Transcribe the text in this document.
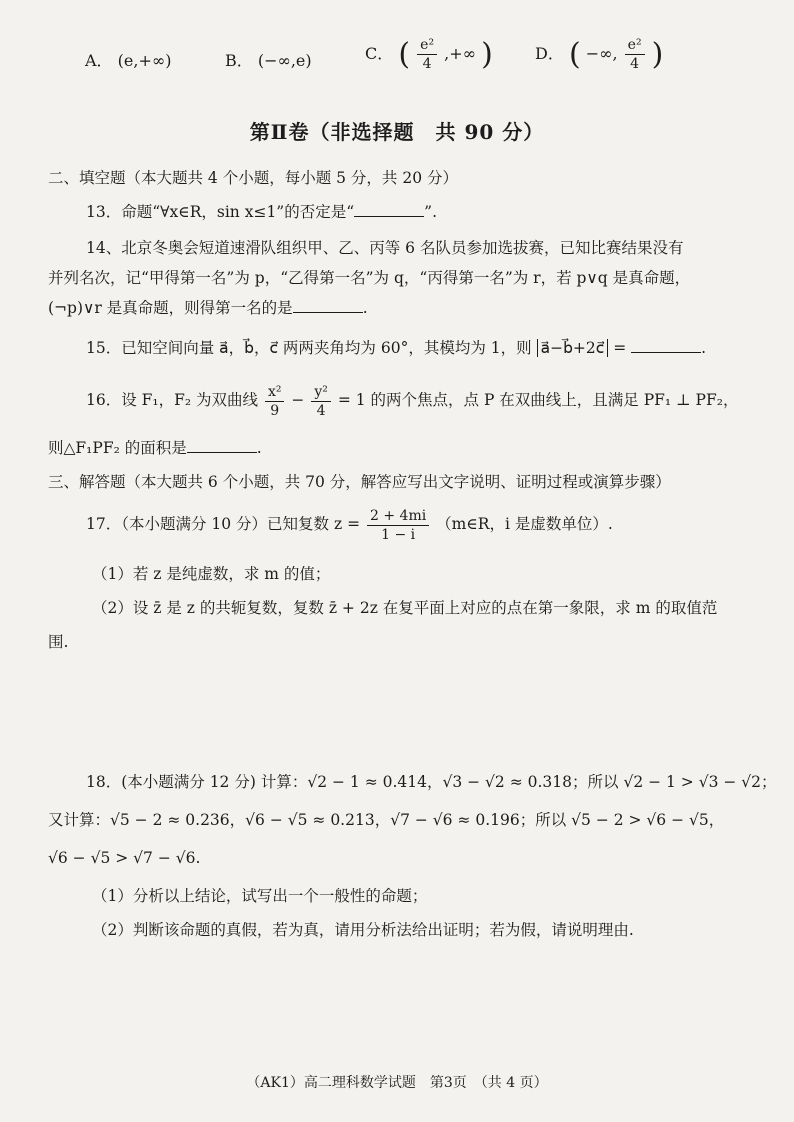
A． (e,+∞)	B． (−∞,e)	C． ( $\frac{\text{e²}}{4}$ ,+∞ )	D． ( −∞, $\frac{\text{e²}}{4}$ )
第Ⅱ卷（非选择题　共 90 分）
二、填空题（本大题共 4 个小题，每小题 5 分，共 20 分）
13．命题“∀x∈R，sin x≤1”的否定是“	”.
14、北京冬奥会短道速滑队组织甲、乙、丙等 6 名队员参加选拔赛，已知比赛结果没有
并列名次，记“甲得第一名”为 p，“乙得第一名”为 q，“丙得第一名”为 r，若 p∨q 是真命题，
(¬p)∨r 是真命题，则得第一名的是	.
15．已知空间向量 a⃗，b⃗，c⃗ 两两夹角均为 60°，其模均为 1，则 a⃗−b⃗+2c⃗ =	.
16．设 F₁，F₂ 为双曲线 $\frac{\text{x²}}{9} - \frac{\text{y²}}{4} = 1$ 的两个焦点，点 P 在双曲线上，且满足 PF₁ ⊥ PF₂，
则△F₁PF₂ 的面积是	.
三、解答题（本大题共 6 个小题，共 70 分，解答应写出文字说明、证明过程或演算步骤）
17．（本小题满分 10 分）已知复数 $z = \frac{2 + 4mi}{1 - i}$ （m∈R，i 是虚数单位）.
（1）若 z 是纯虚数，求 m 的值；
（2）设 z̄ 是 z 的共轭复数，复数 z̄ + 2z 在复平面上对应的点在第一象限，求 m 的取值范
围.
18．(本小题满分 12 分) 计算：√2 − 1 ≈ 0.414，√3 − √2 ≈ 0.318；所以 √2 − 1 > √3 − √2；
又计算：√5 − 2 ≈ 0.236，√6 − √5 ≈ 0.213，√7 − √6 ≈ 0.196；所以 √5 − 2 > √6 − √5，
√6 − √5 > √7 − √6.
（1）分析以上结论，试写出一个一般性的命题；
（2）判断该命题的真假，若为真，请用分析法给出证明；若为假，请说明理由.
（AK1）高二理科数学试题　第3页　（共 4 页）
